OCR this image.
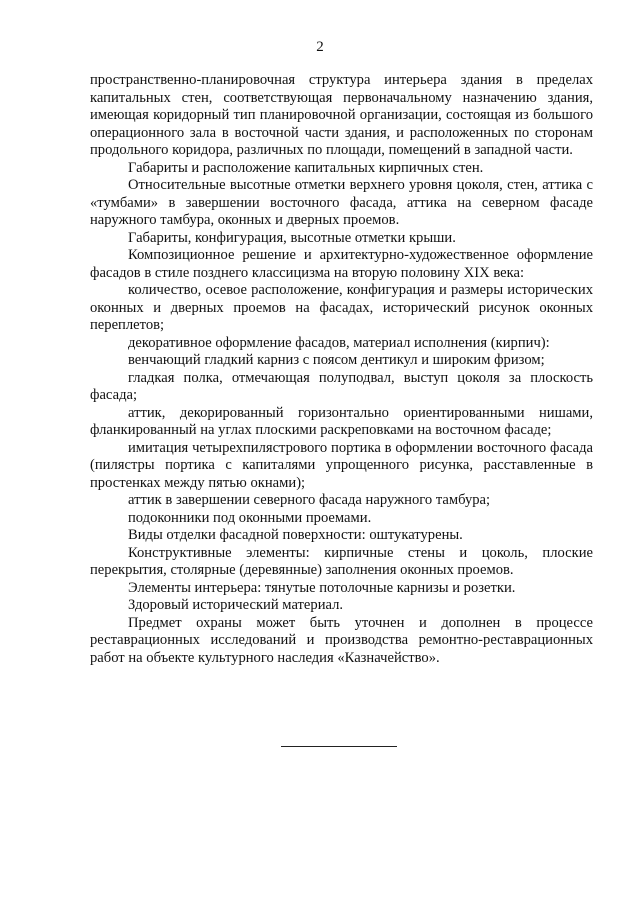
2

пространственно-планировочная структура интерьера здания в пределах капитальных стен, соответствующая первоначальному назначению здания, имеющая коридорный тип планировочной организации, состоящая из большого операционного зала в восточной части здания, и расположенных по сторонам продольного коридора, различных по площади, помещений в западной части.

Габариты и расположение капитальных кирпичных стен.

Относительные высотные отметки верхнего уровня цоколя, стен, аттика с «тумбами» в завершении восточного фасада, аттика на северном фасаде наружного тамбура, оконных и дверных проемов.

Габариты, конфигурация, высотные отметки крыши.

Композиционное решение и архитектурно-художественное оформление фасадов в стиле позднего классицизма на вторую половину XIX века:

количество, осевое расположение, конфигурация и размеры исторических оконных и дверных проемов на фасадах, исторический рисунок оконных переплетов;

декоративное оформление фасадов, материал исполнения (кирпич):

венчающий гладкий карниз с поясом дентикул и широким фризом;

гладкая полка, отмечающая полуподвал, выступ цоколя за плоскость фасада;

аттик, декорированный горизонтально ориентированными нишами, фланкированный на углах плоскими раскреповками на восточном фасаде;

имитация четырехпилястрового портика в оформлении восточного фасада (пилястры портика с капиталями упрощенного рисунка, расставленные в простенках между пятью окнами);

аттик в завершении северного фасада наружного тамбура;

подоконники под оконными проемами.

Виды отделки фасадной поверхности: оштукатурены.

Конструктивные элементы: кирпичные стены и цоколь, плоские перекрытия, столярные (деревянные) заполнения оконных проемов.

Элементы интерьера: тянутые потолочные карнизы и розетки.

Здоровый исторический материал.

Предмет охраны может быть уточнен и дополнен в процессе реставрационных исследований и производства ремонтно-реставрационных работ на объекте культурного наследия «Казначейство».
